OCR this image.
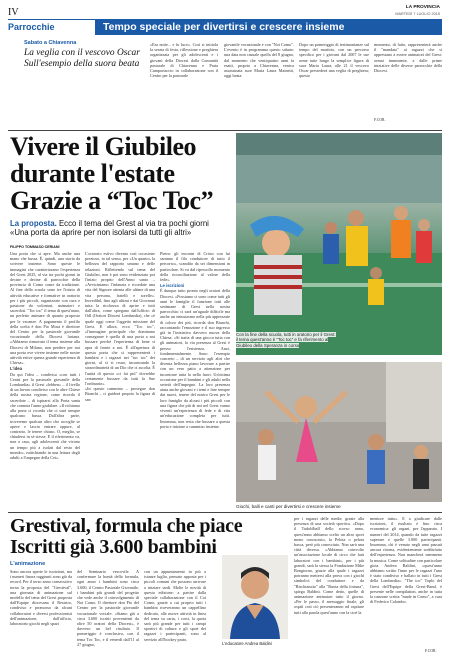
IV	LA PROVINCIA
MARTEDÌ 7 LUGLIO 2015
Parrocchie	Tempo speciale per divertirsi e crescere insieme
Sabato a Chiavenna
La veglia con il vescovo Oscar Sull'esempio della suora beata
«Era notte... e fu luce». Così si intitola la serata di festa, riflessione e preghiera organizzata per gli adolescenti e i giovani della Diocesi dalla Comunità pastorale di Chiavenna e Prata Camportaccio in collaborazione con il Centro per la pastorale
giovanile vocazionale e con "Noi Como". L'evento è in programma questo sabato: una data non casuale quella del 8 giugno, dal momento che ventiquattro anni fa esatti, proprio a Chiavenna, veniva assassinata suor Maria Laura Mainetti, oggi beata.
Dopo un pomeriggio di testimonianze sul tempo del martirio, con un percorso specifico per i giovani dal 2007 le sue orme tutte lungo la semplice figura di suor Maria Laura, alle 21 il vescovo Oscar presiederà una veglia di preghiera; questo
momento, di fatto, rappresenterà anche il "mandato" ai ragazzi che si apprestano a essere animatori del Grest: ormai imminente, a dalle prime iniziative delle diverse parrocchie della Diocesi.
F.COR.
Vivere il Giubileo
durante l'estate
Grazie a “Toc Toc”
La proposta. Ecco il tema del Grest al via tra pochi giorni «Una porta da aprire per non isolarsi da tutti gli altri»
FILIPPO TOMMASO CERIANI
Una porta che si apre. Ma anche una mano che bussa. È, quindi, una storia da scrivere insieme. Sono queste le immagini che caratterizzano l'esperienza del Grest 2025, al via tra pochi giorni in decine e decine di parrocchie della provincia di Como come da tradizione. Al fine della scuola sono tre l'inizio di attività educative e formative in oratorio per i più piccoli, organizzate con cura e passione da volontari, animatori e sacerdoti. "Toc toc" il tema di quest'anno, un perfetto animare di quanto proposto per le vacanze. A pagamento il profilo della scelta è don Pio Mosa è direttore del Centro per la pastorale giovanile vocazionale della Diocesi lariana. «Abbiamo rinnovato il tema insieme alla Diocesi di Milano, non perdere per noi una porta ove vivere insieme nelle nostre attività estive questa grande esperienza di Chiesa».
L'idea
Da qui l'idea – condivisa «con tutti i Centri per la pastorale giovanile della Lombardia» il Grest «lebben» – il livello di un lavoro condiviso con le altre Chiese della nostra regione, come ricorda il sacerdote – di ispirarsi alla Porta santa che connota l'anno giubilare. «Il richiamo alla porta ci ricorda che ci sarà sempre qualcuno bussa. Dall'altra parte, troveremo qualcun altro che accoglie se aprire e lascia entrare oppure, al contrario, le tenere chiuso. O, meglio, se chiudersi in sé stesse. E il riferimento va, non a caso, agli adolescenti che vivono un tempo più a isolati dal resto del mondo», ruttichiando in una lettura degli adulti a l'impegno della Cei».
L'oratorio estivo diventa così occasione prezioso, in tal senso, per «Un quarto» la bellezza del rapporto umano e delle relazioni. Riflettendo sul tema del Giubileo, non è poi sono evidenziato poi l'inizio proprio dell'Anno santo – «Avviciniamo l'infanzia e ricordate una vita del Signore attenta alle ultime di una vita persona, fratelli e sorelle». Incredibil, fino agli ultimi e dai Giovanni tutta la ricchezza di aprire e tutti dall'altra, come spiegano dall'ufficio di Odl (Oratori Diocesi Lombardia), che «è quale oggi come l'oggetto missione del Grest. E allora, ecco "Toc toc", «l'immagine principale che dominano consegnare è quella di una porta a noi bussare perché l'esperienza di bene si apra di fronte a noi. È all'apertura di questa porta che si rappresenterà i bambini e i ragazzi nei "toc toc" dei giorni, al sì si rrsuo, incontrando la straordinarietà di un Dio che ci ascolta. È l'unità di questo «ci fai più" dovrebbe certamente bussare da tutti la Sue l'ordinario».
«In questo cammino – prosegue don Bianchi – ci guiderà proprio la figura di san
Pietro: gli incontri di Cristo con lui saranno il filo conduttore di tutto il percorso», scandito da sei dimensioni in particolare. Si va dal ripescollo momento della riconciliazione al valore della fede».
Le iscrizioni
È dunque tutto pronto negli oratori della Diocesi. «Possiamo ci sono come tutti gli anni le famiglie il funzione totti alle settimane di Grest nella nostra parrocchia: ci sarà un'uguale difficile ma anche un entusiasmo nella più apprezzate di coloro dei più, ricorda don Bianchi, raccontando l'emozione e il suo ingresso già in l'iniziativa davvero nuova della Chiesa: «Si tratta di una giocca tutta con gli animatori, la via presenza al Grest è presso l'esistenza. Anzi, fondamentalmente. Sono l'esempio concreto – di un servizio agli altri che diventa bellezza piano lavorare a partire con un vero patto a attenzione per incontrare tutta la nella fuori. Un'ottima occasione per il bambini e gli adulti nella serietà dell'impegno. La loro presenza aiuta anche giovani e i temi e fare sempre dai nuovi, tenere del nostro Grest per le loro famiglie da alcuni i più piccoli con una figura che più di noi nel Grest vanno viventi un'esperienza di fede e di vita un'educazione completa per tutti. Insomma, non resta che bussare a questa porta e iniziare a cammino insieme.
Con la fine della scuola, tutti in oratorio per il Grest: il tema quest'anno è “Toc toc” e fa riferimento al Giubileo della Speranza in corso
Giochi, balli e canti per divertirsi e crescere insieme
Grestival, formula che piace
Iscritti già 3.600 bambini
L'animazione
Sono ancora aperte le iscrizioni, ma i numeri finora raggiunti sono già da record. Per il terzo anno consecutivo torna la proposta del "Grestival", una giornata di animazione sul modello del tema del Grest proposta dall'Equipe diocesana il Resistro, condiviso e promosso da alcuni collaboratori e diversi professionisti dell'animazione, dall'ufficio, laboratorio giochi negli spazi
del Seminario vescovile. A confermare la bontà della formula, ogni anno i bambini sono circa 3.600, il Centro Pastorale Giovanile, i bambini più grandi del progetto che vede anche il coinvolgimento di Noi Como. Il direttore don Pio del Centro per la pastorale giovanile vocazionale vociale: «Siamo già a circa 3.600 iscritti provenienti da oltre 50 oratori della Diocesi», è davvero un bel risultato. Il pomeriggio è conclusivo, con il tema Toc Toc, e il venerdì dall'11 al 27 giugno,
con un appuntamento in più a istanze luglio, pensato apposta per i piccoli comuni che possono arrivare a iniziare tardi. Molte le novità di questa edizione: a partire dalla speciale collaborazione con il Coi Como, grazie a cui proprio tutti i bambini riceveranno un cappellino dedicato, alle nuove attività in linea del tema su carta, i corsi, la quota sarà più grande per tutti i campi sportivi di cultura e gli sport dei ragazzi i partecipanti, sono al servizio alll'hockey prato,
L'educatore Andrea Baldini
per i ragazzi delle medie, grazie alla presenza di una società sportiva. «Dopo il Tudoldball dello scorso anno, quest'anno abbiamo scelto un altro sport meno conosciuto, la Pelota o pelota basca, però più conosciuto. Non sarà una città diversa. «Abbiamo coinvolto un'associazione locale di circo che farà laboratori con i bambini», per i più grandi, sarà la stessa la Fondazione Mike Bongiorno, grazie alla quale i ragazzi potranno mettersi alla prova con i giochi simbolici del conduttore e da "Rischiatutto" alla "Ruota della fortuna", spiega Baldini. Come detto, quelle di animazione animatori tutto il giorno. «Per le passo, il messaggio finale, gli ospiti così ciò presenteranno ad ospitare tutti alla parola quest'anno con la cioè la
mentore tutto». E a giudicare dalle iscrizioni, il risultato è fino circa economica: gli organi, per l'apparato. I numeri del 2014, quando da tutte ragazzi superare e quelle 3.000 partecipanti. Insomma, chi è venuto negli anni passati ancora ritorna, evidentemente soddisfatto dell'esperienza. Non mancherà nemmeno la musica. Come solitudine con particolare gioia Andrea Baldini, «quest'anno abbiamo scritto l'inno per le ragazzi l'uno è stato condiviso e ballato in tutti i Grest della Lombardia». "The toc" Toplo del Grest dell'Equipe della Grest-Band, è presente nelle compilation, anche in tutta la canzone scritta "made in Como", a cura di Federico Colombo.
F.COR.
